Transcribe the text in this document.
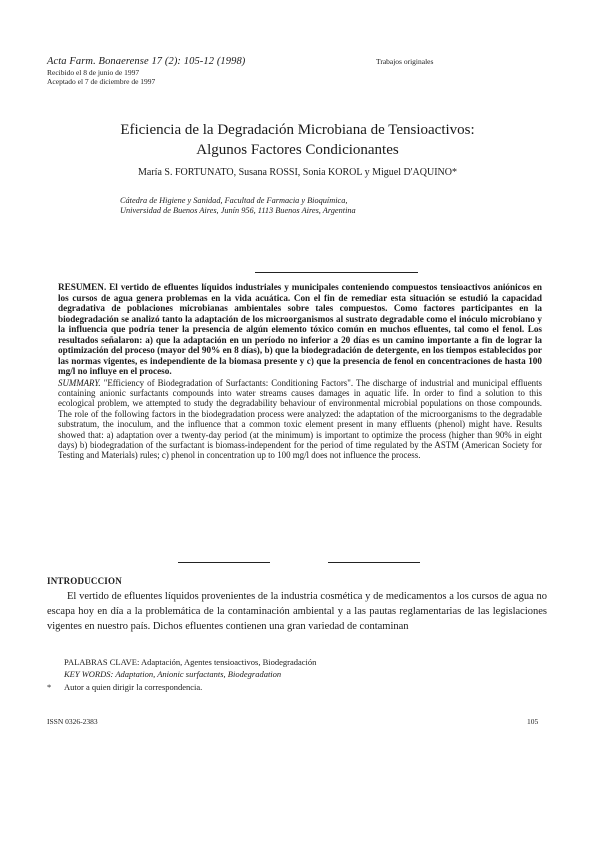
Acta Farm. Bonaerense 17 (2): 105-12 (1998)	Trabajos originales
Recibido el 8 de junio de 1997
Aceptado el 7 de diciembre de 1997
Eficiencia de la Degradación Microbiana de Tensioactivos:
Algunos Factores Condicionantes
María S. FORTUNATO, Susana ROSSI, Sonia KOROL y Miguel D'AQUINO*
Cátedra de Higiene y Sanidad, Facultad de Farmacia y Bioquímica,
Universidad de Buenos Aires, Junín 956, 1113 Buenos Aires, Argentina
RESUMEN. El vertido de efluentes líquidos industriales y municipales conteniendo compuestos tensioactivos aniónicos en los cursos de agua genera problemas en la vida acuática. Con el fin de remediar esta situación se estudió la capacidad degradativa de poblaciones microbianas ambientales sobre tales compuestos. Como factores participantes en la biodegradación se analizó tanto la adaptación de los microorganismos al sustrato degradable como el inóculo microbiano y la influencia que podría tener la presencia de algún elemento tóxico común en muchos efluentes, tal como el fenol. Los resultados señalaron: a) que la adaptación en un período no inferior a 20 días es un camino importante a fin de lograr la optimización del proceso (mayor del 90% en 8 días), b) que la biodegradación de detergente, en los tiempos establecidos por las normas vigentes, es independiente de la biomasa presente y c) que la presencia de fenol en concentraciones de hasta 100 mg/l no influye en el proceso.
SUMMARY. "Efficiency of Biodegradation of Surfactants: Conditioning Factors". The discharge of industrial and municipal effluents containing anionic surfactants compounds into water streams causes damages in aquatic life. In order to find a solution to this ecological problem, we attempted to study the degradability behaviour of environmental microbial populations on those compounds. The role of the following factors in the biodegradation process were analyzed: the adaptation of the microorganisms to the degradable substratum, the inoculum, and the influence that a common toxic element present in many effluents (phenol) might have. Results showed that: a) adaptation over a twenty-day period (at the minimum) is important to optimize the process (higher than 90% in eight days) b) biodegradation of the surfactant is biomass-independent for the period of time regulated by the ASTM (American Society for Testing and Materials) rules; c) phenol in concentration up to 100 mg/l does not influence the process.
INTRODUCCION
El vertido de efluentes líquidos provenientes de la industria cosmética y de medicamentos a los cursos de agua no escapa hoy en día a la problemática de la contaminación ambiental y a las pautas reglamentarias de las legislaciones vigentes en nuestro país. Dichos efluentes contienen una gran variedad de contaminan
PALABRAS CLAVE: Adaptación, Agentes tensioactivos, Biodegradación
KEY WORDS: Adaptation, Anionic surfactants, Biodegradation
* Autor a quien dirigir la correspondencia.
ISSN 0326-2383	105
